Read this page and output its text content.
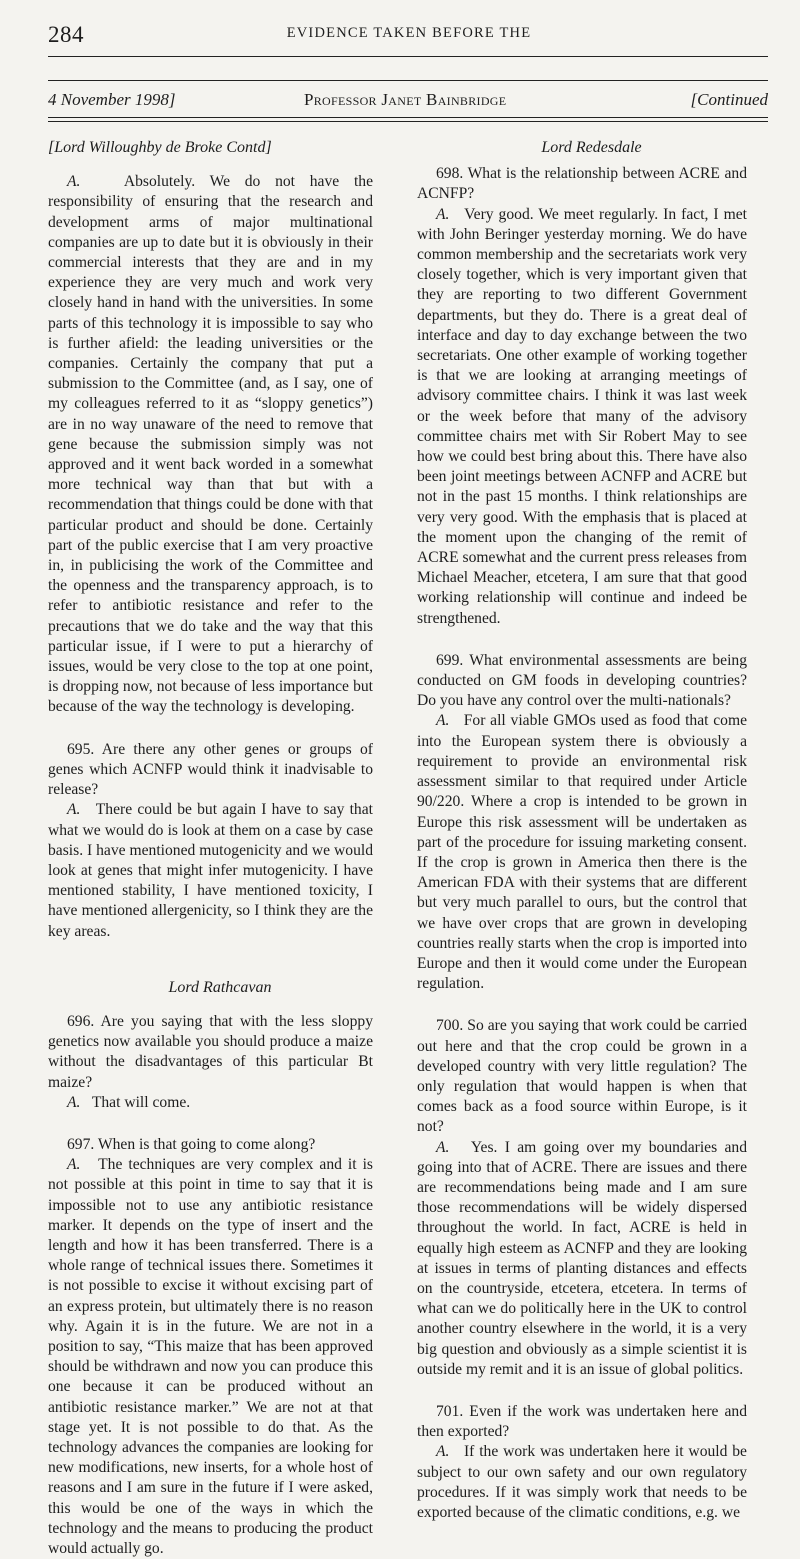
284	EVIDENCE TAKEN BEFORE THE
4 November 1998]	Professor Janet Bainbridge	[Continued

[Lord Willoughby de Broke Contd]

A.	Absolutely. We do not have the responsibility of ensuring that the research and development arms of major multinational companies are up to date but it is obviously in their commercial interests that they are and in my experience they are very much and work very closely hand in hand with the universities. In some parts of this technology it is impossible to say who is further afield: the leading universities or the companies. Certainly the company that put a submission to the Committee (and, as I say, one of my colleagues referred to it as “sloppy genetics”) are in no way unaware of the need to remove that gene because the submission simply was not approved and it went back worded in a somewhat more technical way than that but with a recommendation that things could be done with that particular product and should be done. Certainly part of the public exercise that I am very proactive in, in publicising the work of the Committee and the openness and the transparency approach, is to refer to antibiotic resistance and refer to the precautions that we do take and the way that this particular issue, if I were to put a hierarchy of issues, would be very close to the top at one point, is dropping now, not because of less importance but because of the way the technology is developing.

695. Are there any other genes or groups of genes which ACNFP would think it inadvisable to release?

A. There could be but again I have to say that what we would do is look at them on a case by case basis. I have mentioned mutogenicity and we would look at genes that might infer mutogenicity. I have mentioned stability, I have mentioned toxicity, I have mentioned allergenicity, so I think they are the key areas.

Lord Rathcavan

696. Are you saying that with the less sloppy genetics now available you should produce a maize without the disadvantages of this particular Bt maize?

A. That will come.

697. When is that going to come along?

A. The techniques are very complex and it is not possible at this point in time to say that it is impossible not to use any antibiotic resistance marker. It depends on the type of insert and the length and how it has been transferred. There is a whole range of technical issues there. Sometimes it is not possible to excise it without excising part of an express protein, but ultimately there is no reason why. Again it is in the future. We are not in a position to say, “This maize that has been approved should be withdrawn and now you can produce this one because it can be produced without an antibiotic resistance marker.” We are not at that stage yet. It is not possible to do that. As the technology advances the companies are looking for new modifications, new inserts, for a whole host of reasons and I am sure in the future if I were asked, this would be one of the ways in which the technology and the means to producing the product would actually go.

Lord Redesdale

698. What is the relationship between ACRE and ACNFP?

A. Very good. We meet regularly. In fact, I met with John Beringer yesterday morning. We do have common membership and the secretariats work very closely together, which is very important given that they are reporting to two different Government departments, but they do. There is a great deal of interface and day to day exchange between the two secretariats. One other example of working together is that we are looking at arranging meetings of advisory committee chairs. I think it was last week or the week before that many of the advisory committee chairs met with Sir Robert May to see how we could best bring about this. There have also been joint meetings between ACNFP and ACRE but not in the past 15 months. I think relationships are very very good. With the emphasis that is placed at the moment upon the changing of the remit of ACRE somewhat and the current press releases from Michael Meacher, etcetera, I am sure that that good working relationship will continue and indeed be strengthened.

699. What environmental assessments are being conducted on GM foods in developing countries? Do you have any control over the multi-nationals?

A. For all viable GMOs used as food that come into the European system there is obviously a requirement to provide an environmental risk assessment similar to that required under Article 90/220. Where a crop is intended to be grown in Europe this risk assessment will be undertaken as part of the procedure for issuing marketing consent. If the crop is grown in America then there is the American FDA with their systems that are different but very much parallel to ours, but the control that we have over crops that are grown in developing countries really starts when the crop is imported into Europe and then it would come under the European regulation.

700. So are you saying that work could be carried out here and that the crop could be grown in a developed country with very little regulation? The only regulation that would happen is when that comes back as a food source within Europe, is it not?

A. Yes. I am going over my boundaries and going into that of ACRE. There are issues and there are recommendations being made and I am sure those recommendations will be widely dispersed throughout the world. In fact, ACRE is held in equally high esteem as ACNFP and they are looking at issues in terms of planting distances and effects on the countryside, etcetera, etcetera. In terms of what can we do politically here in the UK to control another country elsewhere in the world, it is a very big question and obviously as a simple scientist it is outside my remit and it is an issue of global politics.

701. Even if the work was undertaken here and then exported?

A. If the work was undertaken here it would be subject to our own safety and our own regulatory procedures. If it was simply work that needs to be exported because of the climatic conditions, e.g. we
